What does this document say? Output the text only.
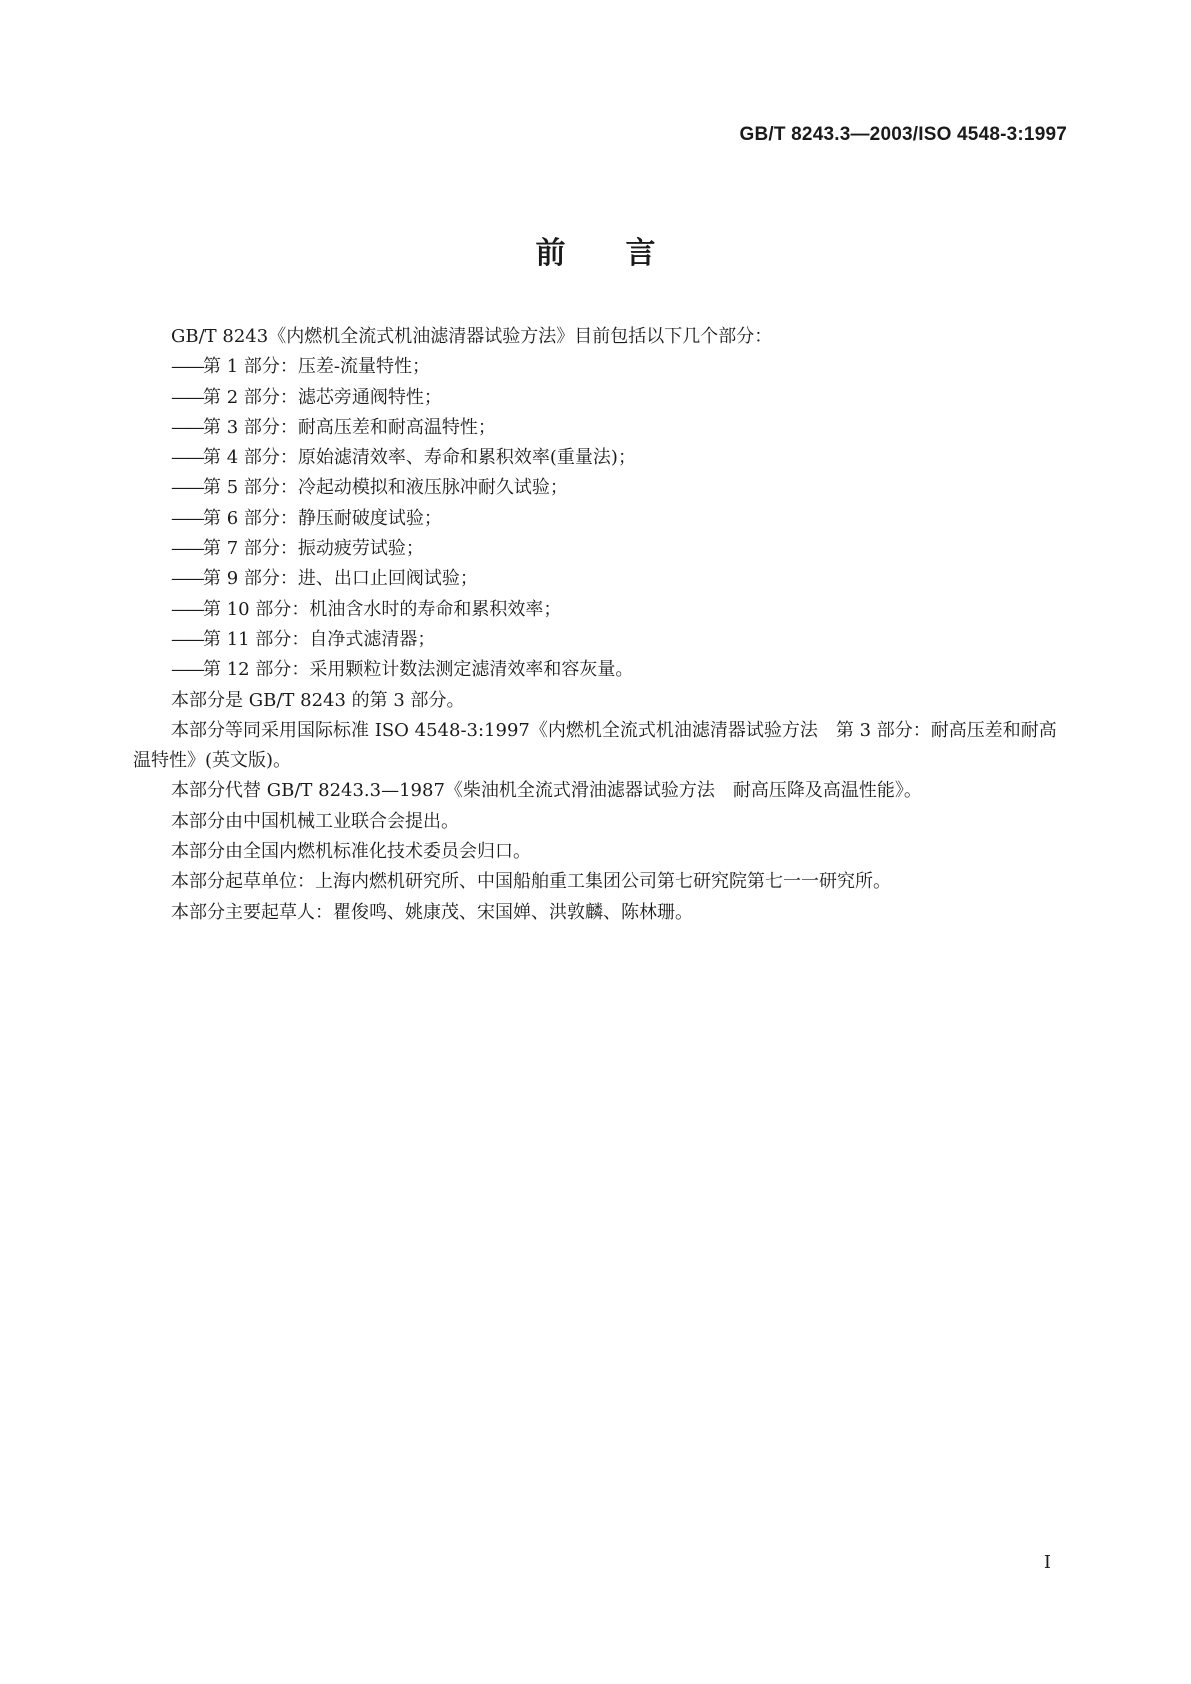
GB/T 8243.3—2003/ISO 4548-3:1997
前言

GB/T 8243《内燃机全流式机油滤清器试验方法》目前包括以下几个部分：

——第 1 部分：压差-流量特性；

——第 2 部分：滤芯旁通阀特性；

——第 3 部分：耐高压差和耐高温特性；

——第 4 部分：原始滤清效率、寿命和累积效率(重量法)；

——第 5 部分：冷起动模拟和液压脉冲耐久试验；

——第 6 部分：静压耐破度试验；

——第 7 部分：振动疲劳试验；

——第 9 部分：进、出口止回阀试验；

——第 10 部分：机油含水时的寿命和累积效率；

——第 11 部分：自净式滤清器；

——第 12 部分：采用颗粒计数法测定滤清效率和容灰量。

本部分是 GB/T 8243 的第 3 部分。

本部分等同采用国际标准 ISO 4548-3:1997《内燃机全流式机油滤清器试验方法　第 3 部分：耐高压差和耐高温特性》(英文版)。

本部分代替 GB/T 8243.3—1987《柴油机全流式滑油滤器试验方法　耐高压降及高温性能》。

本部分由中国机械工业联合会提出。

本部分由全国内燃机标准化技术委员会归口。

本部分起草单位：上海内燃机研究所、中国船舶重工集团公司第七研究院第七一一研究所。

本部分主要起草人：瞿俊鸣、姚康茂、宋国婵、洪敦麟、陈林珊。

I
